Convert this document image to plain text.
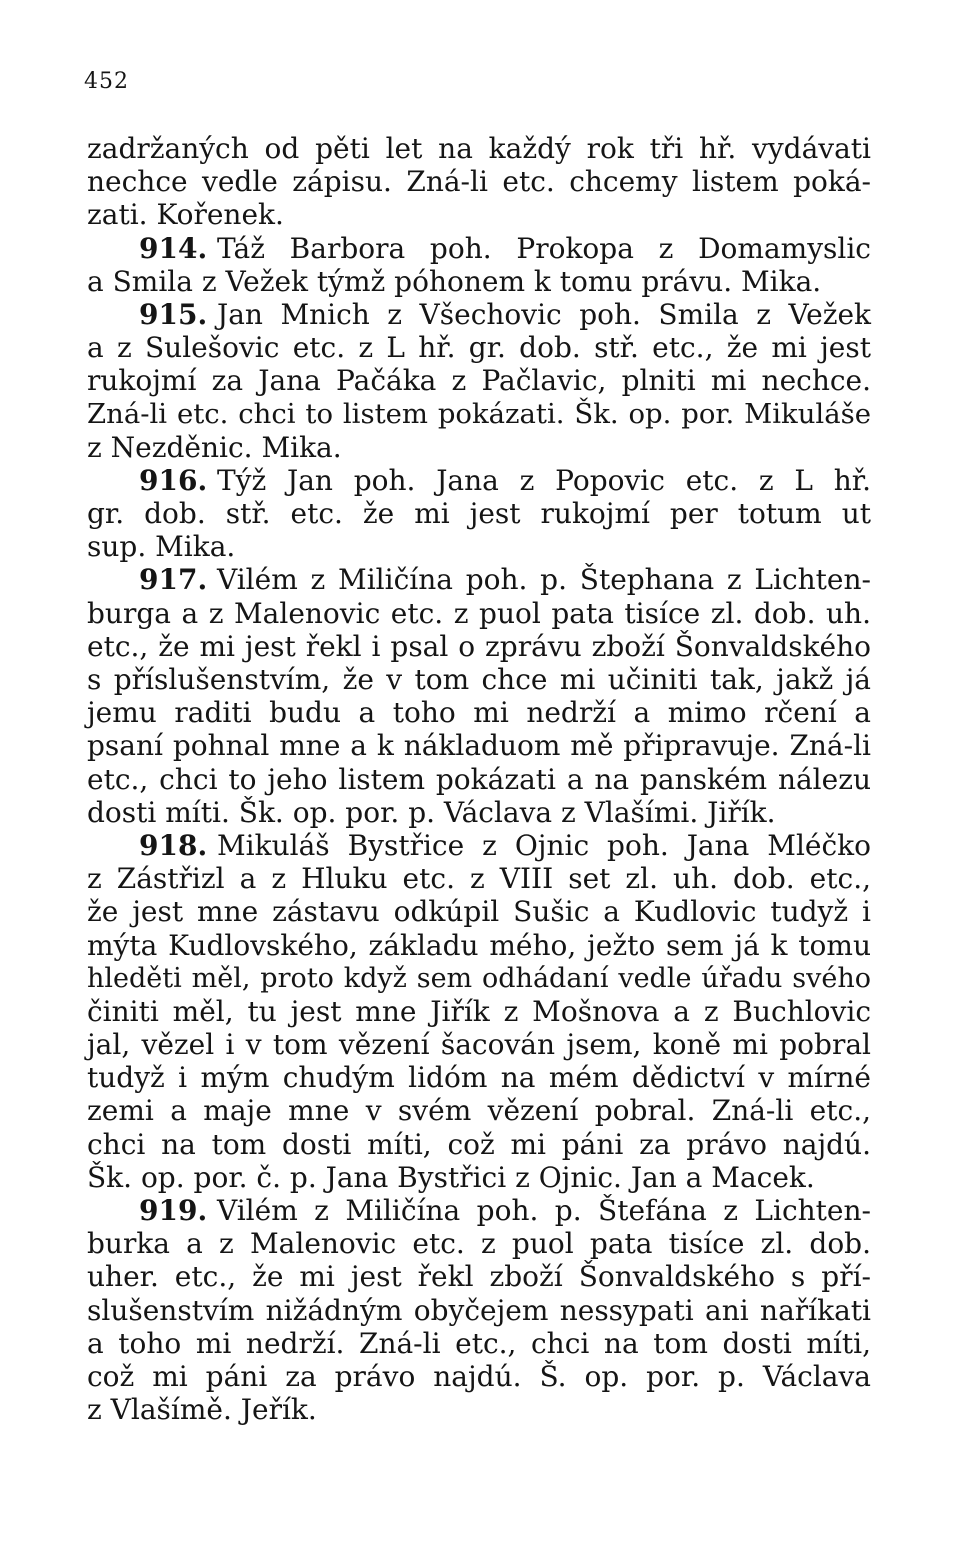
452
zadržaných od pěti let na každý rok tři hř. vydávati
nechce vedle zápisu. Zná-li etc. chcemy listem poká-
zati. Kořenek.
914. Táž Barbora poh. Prokopa z Domamyslic
a Smila z Vežek týmž póhonem k tomu právu. Mika.
915. Jan Mnich z Všechovic poh. Smila z Vežek
a z Sulešovic etc. z L hř. gr. dob. stř. etc., že mi jest
rukojmí za Jana Pačáka z Pačlavic, plniti mi nechce.
Zná-li etc. chci to listem pokázati. Šk. op. por. Mikuláše
z Nezděnic. Mika.
916. Týž Jan poh. Jana z Popovic etc. z L hř.
gr. dob. stř. etc. že mi jest rukojmí per totum ut
sup. Mika.
917. Vilém z Miličína poh. p. Štephana z Lichten-
burga a z Malenovic etc. z puol pata tisíce zl. dob. uh.
etc., že mi jest řekl i psal o zprávu zboží Šonvaldského
s příslušenstvím, že v tom chce mi učiniti tak, jakž já
jemu raditi budu a toho mi nedrží a mimo rčení a
psaní pohnal mne a k nákladuom mě připravuje. Zná-li
etc., chci to jeho listem pokázati a na panském nálezu
dosti míti. Šk. op. por. p. Václava z Vlašími. Jiřík.
918. Mikuláš Bystřice z Ojnic poh. Jana Mléčko
z Zástřizl a z Hluku etc. z VIII set zl. uh. dob. etc.,
že jest mne zástavu odkúpil Sušic a Kudlovic tudyž i
mýta Kudlovského, základu mého, ježto sem já k tomu
hleděti měl, proto když sem odhádaní vedle úřadu svého
činiti měl, tu jest mne Jiřík z Mošnova a z Buchlovic
jal, vězel i v tom vězení šacován jsem, koně mi pobral
tudyž i mým chudým lidóm na mém dědictví v mírné
zemi a maje mne v svém vězení pobral. Zná-li etc.,
chci na tom dosti míti, což mi páni za právo najdú.
Šk. op. por. č. p. Jana Bystřici z Ojnic. Jan a Macek.
919. Vilém z Miličína poh. p. Štefána z Lichten-
burka a z Malenovic etc. z puol pata tisíce zl. dob.
uher. etc., že mi jest řekl zboží Šonvaldského s pří-
slušenstvím nižádným obyčejem nessypati ani naříkati
a toho mi nedrží. Zná-li etc., chci na tom dosti míti,
což mi páni za právo najdú. Š. op. por. p. Václava
z Vlašímě. Jeřík.
